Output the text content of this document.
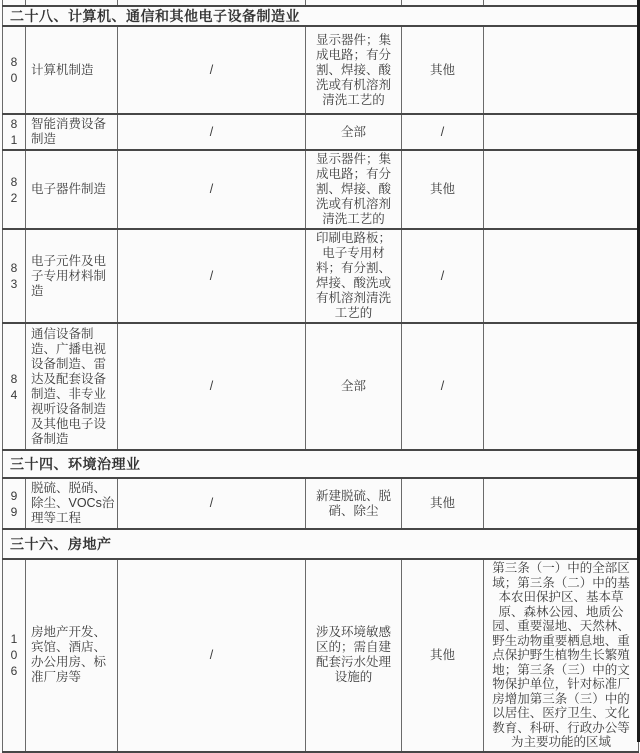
二十八、计算机、通信和其他电子设备制造业					
80	计算机制造	/	显示器件；集成电路；有分割、焊接、酸洗或有机溶剂清洗工艺的	其他	
81	智能消费设备制造	/	全部	/	
82	电子器件制造	/	显示器件；集成电路；有分割、焊接、酸洗或有机溶剂清洗工艺的	其他	
83	电子元件及电子专用材料制造	/	印刷电路板；电子专用材料；有分割、焊接、酸洗或有机溶剂清洗工艺的	/	
84	通信设备制造、广播电视设备制造、雷达及配套设备制造、非专业视听设备制造及其他电子设备制造	/	全部	/	
三十四、环境治理业					
99	脱硫、脱硝、除尘、VOCs治理等工程	/	新建脱硫、脱硝、除尘	其他	
三十六、房地产					
106	房地产开发、宾馆、酒店、办公用房、标准厂房等	/	涉及环境敏感区的；需自建配套污水处理设施的	其他	第三条（一）中的全部区域；第三条（二）中的基本农田保护区、基本草原、森林公园、地质公园、重要湿地、天然林、野生动物重要栖息地、重点保护野生植物生长繁殖地；第三条（三）中的文物保护单位，针对标准厂房增加第三条（三）中的以居住、医疗卫生、文化教育、科研、行政办公等为主要功能的区域
